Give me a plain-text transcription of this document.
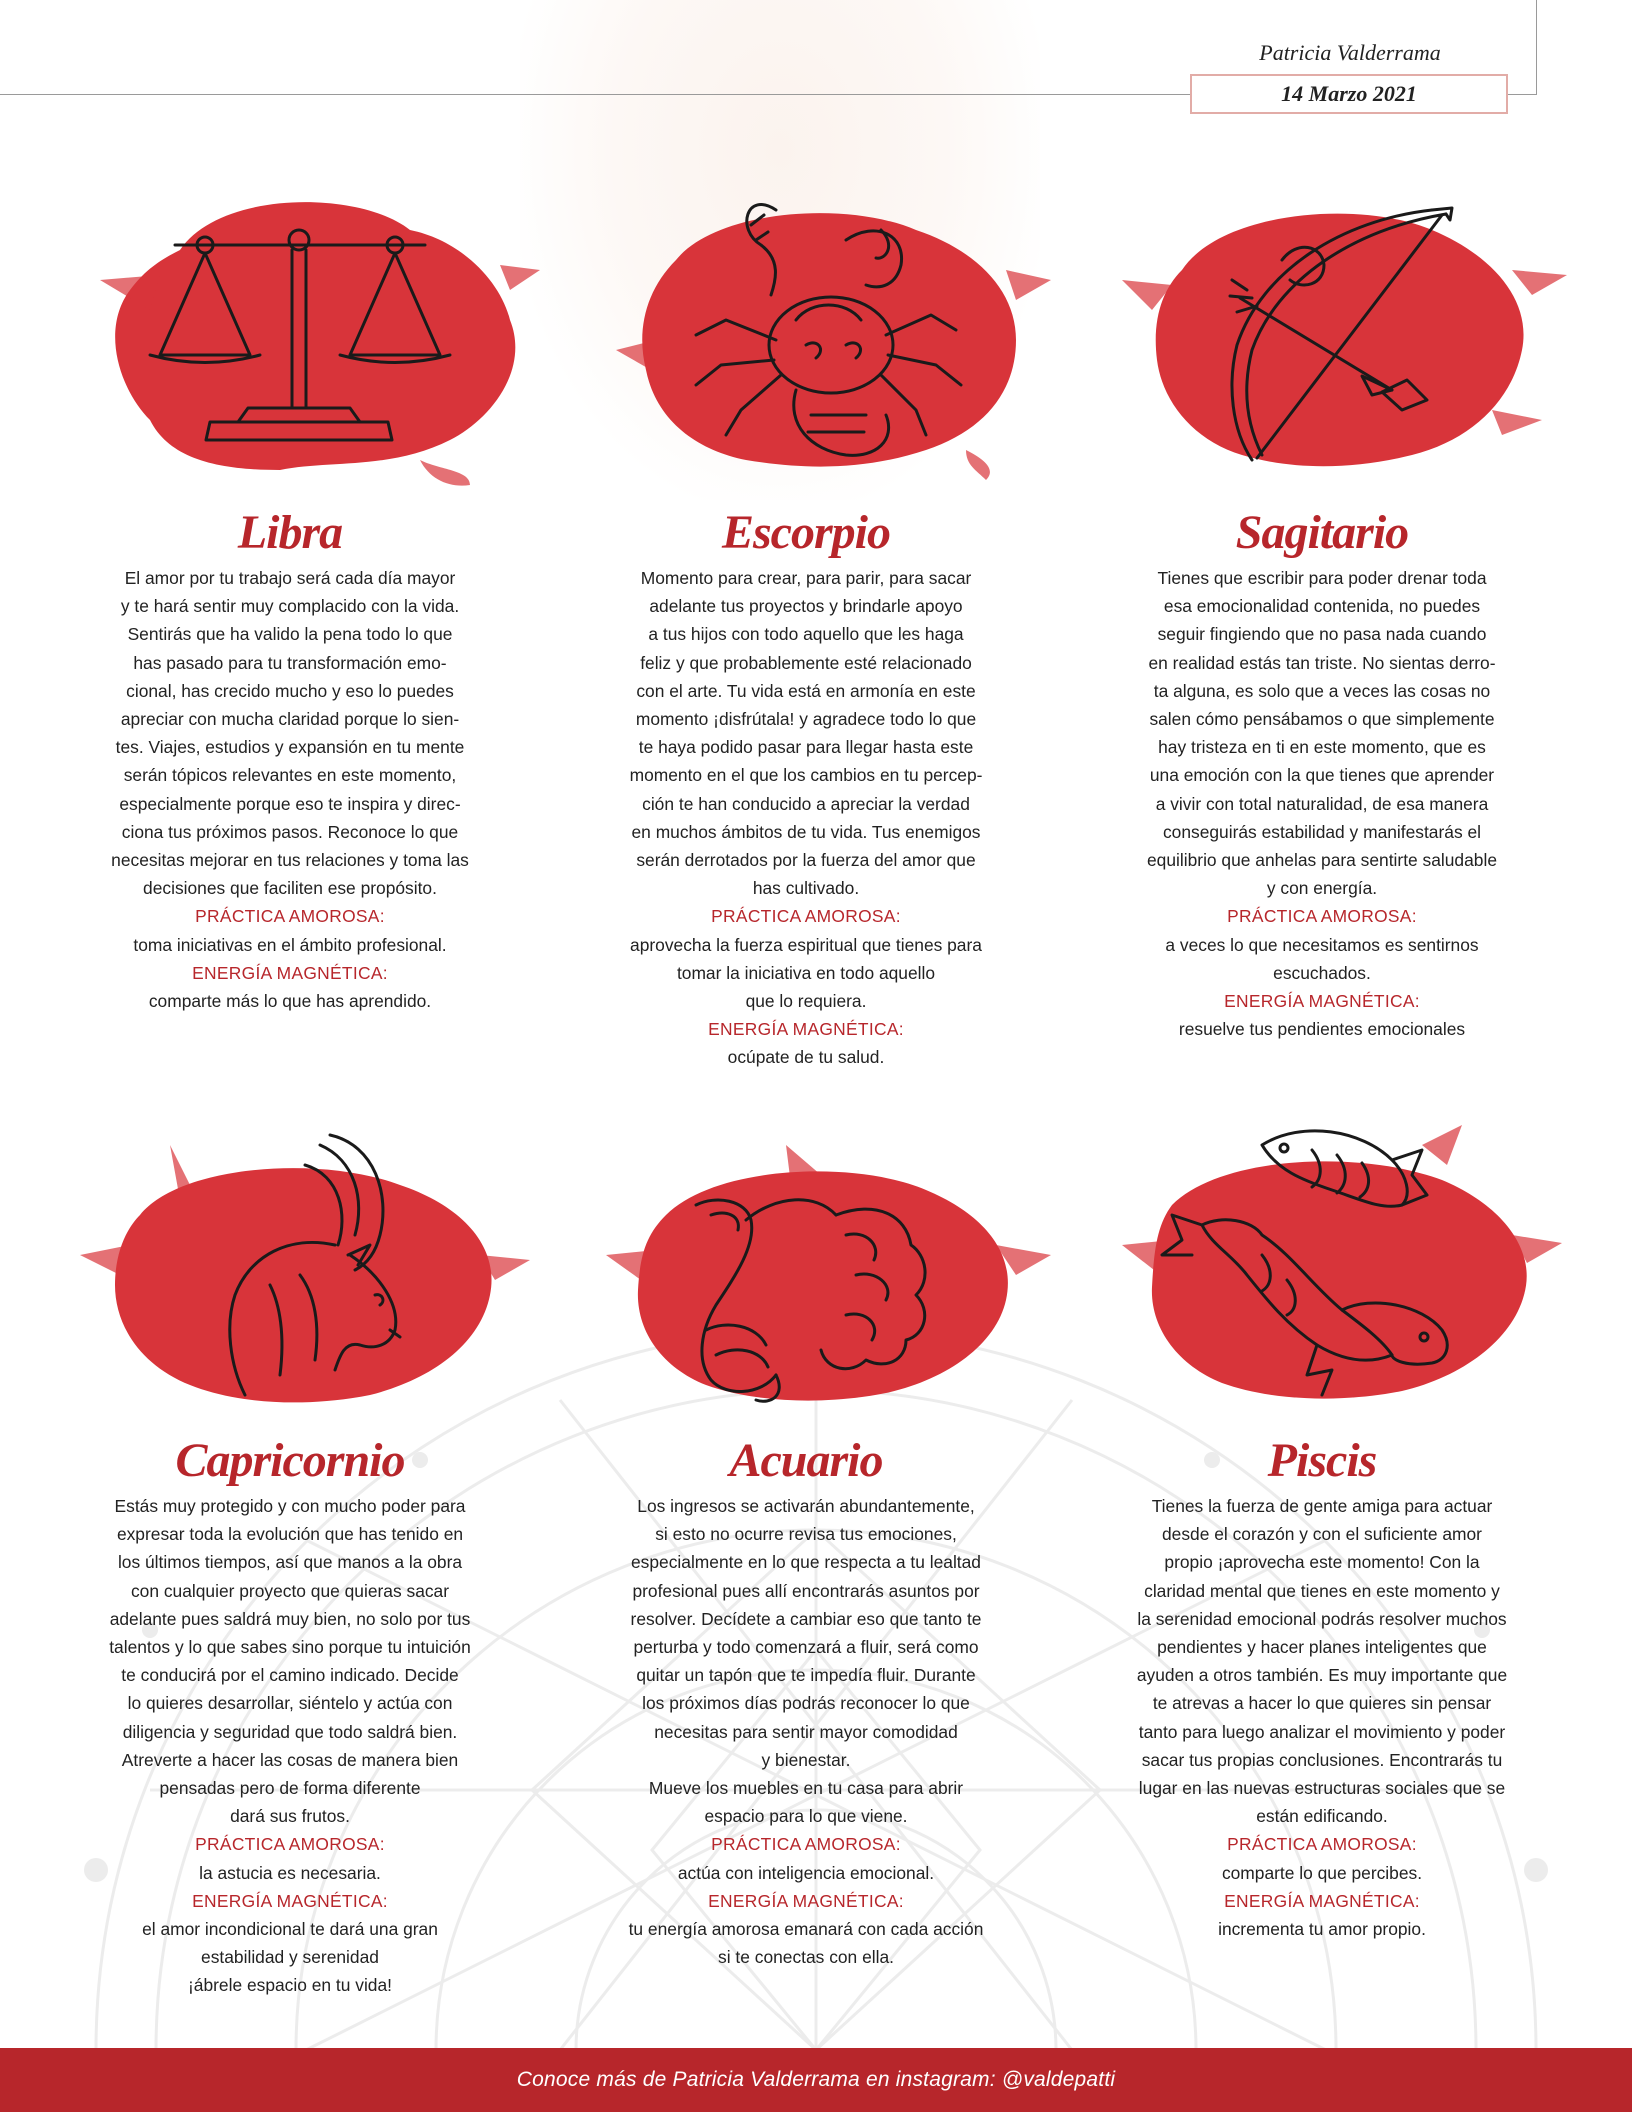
Patricia Valderrama
14 Marzo 2021
Libra

El amor por tu trabajo será cada día mayor

y te hará sentir muy complacido con la vida.

Sentirás que ha valido la pena todo lo que

has pasado para tu transformación emo-

cional, has crecido mucho y eso lo puedes

apreciar con mucha claridad porque lo sien-

tes. Viajes, estudios y expansión en tu mente

serán tópicos relevantes en este momento,

especialmente porque eso te inspira y direc-

ciona tus próximos pasos. Reconoce lo que

necesitas mejorar en tus relaciones y toma las

decisiones que faciliten ese propósito.

PRÁCTICA AMOROSA:

toma iniciativas en el ámbito profesional.

ENERGÍA MAGNÉTICA:

comparte más lo que has aprendido.

Escorpio

Momento para crear, para parir, para sacar

adelante tus proyectos y brindarle apoyo

a tus hijos con todo aquello que les haga

feliz y que probablemente esté relacionado

con el arte. Tu vida está en armonía en este

momento ¡disfrútala! y agradece todo lo que

te haya podido pasar para llegar hasta este

momento en el que los cambios en tu percep-

ción te han conducido a apreciar la verdad

en muchos ámbitos de tu vida. Tus enemigos

serán derrotados por la fuerza del amor que

has cultivado.

PRÁCTICA AMOROSA:

aprovecha la fuerza espiritual que tienes para

tomar la iniciativa en todo aquello

que lo requiera.

ENERGÍA MAGNÉTICA:

ocúpate de tu salud.

Sagitario

Tienes que escribir para poder drenar toda

esa emocionalidad contenida, no puedes

seguir fingiendo que no pasa nada cuando

en realidad estás tan triste. No sientas derro-

ta alguna, es solo que a veces las cosas no

salen cómo pensábamos o que simplemente

hay tristeza en ti en este momento, que es

una emoción con la que tienes que aprender

a vivir con total naturalidad, de esa manera

conseguirás estabilidad y manifestarás el

equilibrio que anhelas para sentirte saludable

y con energía.

PRÁCTICA AMOROSA:

a veces lo que necesitamos es sentirnos

escuchados.

ENERGÍA MAGNÉTICA:

resuelve tus pendientes emocionales

Capricornio

Estás muy protegido y con mucho poder para

expresar toda la evolución que has tenido en

los últimos tiempos, así que manos a la obra

con cualquier proyecto que quieras sacar

adelante pues saldrá muy bien, no solo por tus

talentos y lo que sabes sino porque tu intuición

te conducirá por el camino indicado. Decide

lo quieres desarrollar, siéntelo y actúa con

diligencia y seguridad que todo saldrá bien.

Atreverte a hacer las cosas de manera bien

pensadas pero de forma diferente

dará sus frutos.

PRÁCTICA AMOROSA:

la astucia es necesaria.

ENERGÍA MAGNÉTICA:

el amor incondicional te dará una gran

estabilidad y serenidad

¡ábrele espacio en tu vida!

Acuario

Los ingresos se activarán abundantemente,

si esto no ocurre revisa tus emociones,

especialmente en lo que respecta a tu lealtad

profesional pues allí encontrarás asuntos por

resolver. Decídete a cambiar eso que tanto te

perturba y todo comenzará a fluir, será como

quitar un tapón que te impedía fluir. Durante

los próximos días podrás reconocer lo que

necesitas para sentir mayor comodidad

y bienestar.

Mueve los muebles en tu casa para abrir

espacio para lo que viene.

PRÁCTICA AMOROSA:

actúa con inteligencia emocional.

ENERGÍA MAGNÉTICA:

tu energía amorosa emanará con cada acción

si te conectas con ella.

Piscis

Tienes la fuerza de gente amiga para actuar

desde el corazón y con el suficiente amor

propio ¡aprovecha este momento! Con la

claridad mental que tienes en este momento y

la serenidad emocional podrás resolver muchos

pendientes y hacer planes inteligentes que

ayuden a otros también. Es muy importante que

te atrevas a hacer lo que quieres sin pensar

tanto para luego analizar el movimiento y poder

sacar tus propias conclusiones. Encontrarás tu

lugar en las nuevas estructuras sociales que se

están edificando.

PRÁCTICA AMOROSA:

comparte lo que percibes.

ENERGÍA MAGNÉTICA:

incrementa tu amor propio.

Conoce más de Patricia Valderrama en instagram: @valdepatti
